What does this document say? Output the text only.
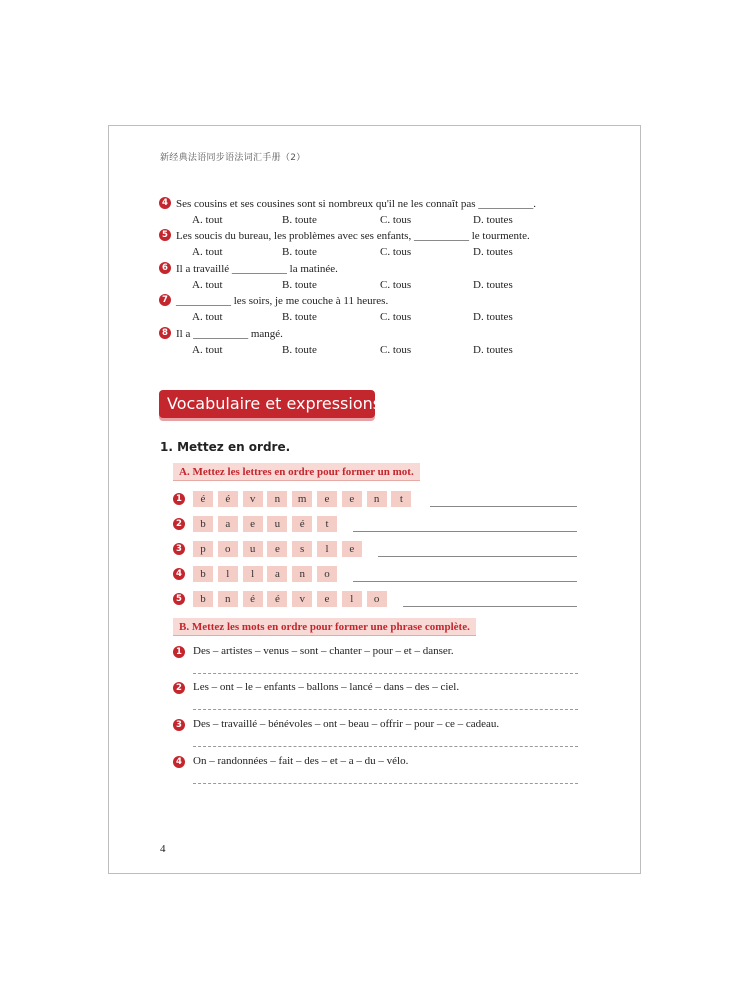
新经典法语同步语法词汇手册（2）
4 Ses cousins et ses cousines sont si nombreux qu'il ne les connaît pas __________.
A. tout	B. toute	C. tous	D. toutes
5 Les soucis du bureau, les problèmes avec ses enfants, __________ le tourmente.
A. tout	B. toute	C. tous	D. toutes
6 Il a travaillé __________ la matinée.
A. tout	B. toute	C. tous	D. toutes
7 __________ les soirs, je me couche à 11 heures.
A. tout	B. toute	C. tous	D. toutes
8 Il a __________ mangé.
A. tout	B. toute	C. tous	D. toutes
Vocabulaire et expressions
1. Mettez en ordre.
A. Mettez les lettres en ordre pour former un mot.
1	é é v n m e e n t
2	b a e u é t
3	p o u e s l e
4	b l l a n o
5	b n é é v e l o
B. Mettez les mots en ordre pour former une phrase complète.
1 Des – artistes – venus – sont – chanter – pour – et – danser.
2 Les – ont – le – enfants – ballons – lancé – dans – des – ciel.
3 Des – travaillé – bénévoles – ont – beau – offrir – pour – ce – cadeau.
4 On – randonnées – fait – des – et – a – du – vélo.
4
